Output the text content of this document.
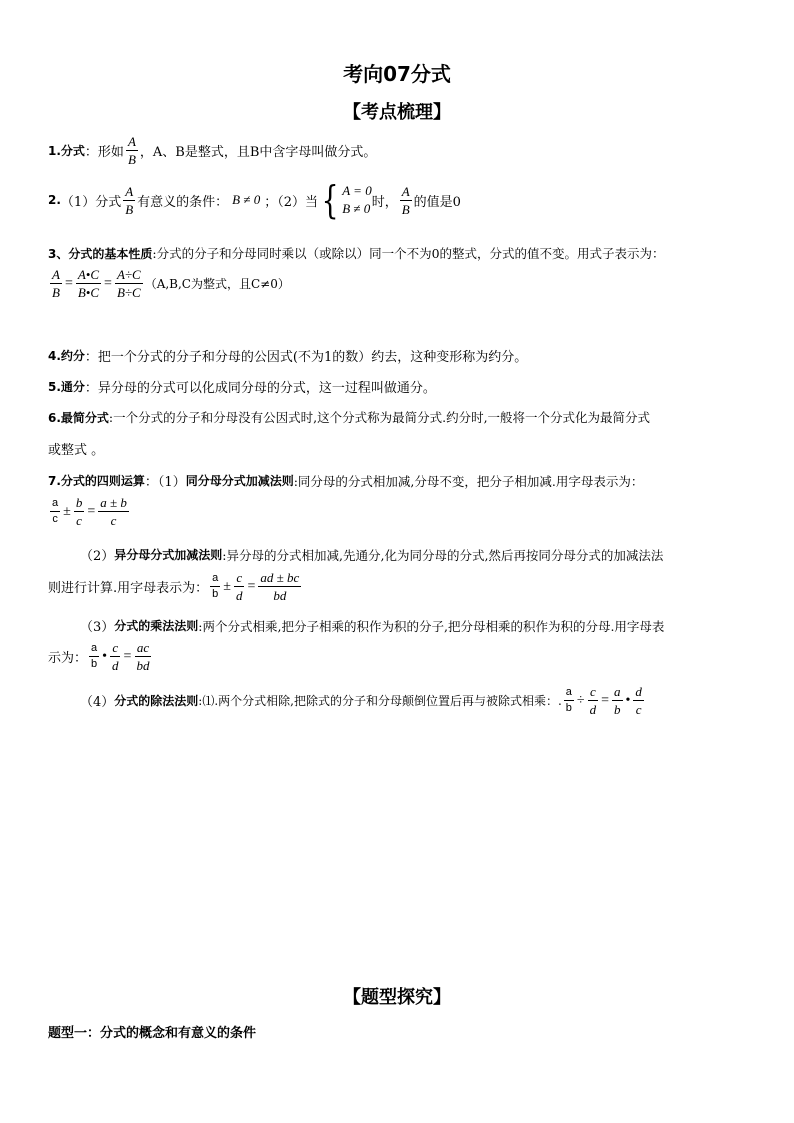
考向07分式
【考点梳理】
1.分式 ：形如 $\frac{A}{B}$ ，A、B是整式，且B中含字母叫做分式。
2. （1）分式 $\frac{A}{B}$ 有意义的条件： B ≠ 0 ；（2）当 { A = 0
B ≠ 0 时， $\frac{A}{B}$ 的值是0
3、分式的基本性质 :分式的分子和分母同时乘以（或除以）同一个不为0的整式，分式的值不变。用式子表示为：
$\frac{A}{B} = \frac{A•C}{B•C} = \frac{A\div C}{B\div C} (A,B,C$为整式，且C≠0）
4.约分 ：把一个分式的分子和分母的公因式(不为1的数）约去，这种变形称为约分。
5.通分 ：异分母的分式可以化成同分母的分式，这一过程叫做通分。
6.最简分式 :一个分式的分子和分母没有公因式时,这个分式称为最简分式.约分时,一般将一个分式化为最简分式
或整式 。
7.分式的四则运算 ：（1） 同分母分式加减法则 :同分母的分式相加减,分母不变，把分子相加减.用字母表示为：
$\frac{a}{c} \pm \frac{b}{c} = \frac{a \pm b}{c}$
（2） 异分母分式加减法则 :异分母的分式相加减,先通分,化为同分母的分式,然后再按同分母分式的加减法法
则进行计算.用字母表示为： $\frac{a}{b} \pm \frac{c}{d} = \frac{ad \pm bc}{bd}$
（3） 分式的乘法法则 :两个分式相乘,把分子相乘的积作为积的分子,把分母相乘的积作为积的分母.用字母表
示为： $\frac{a}{b}$ • $\frac{c}{d} = \frac{ac}{bd}$
（4） 分式的除法法则 :⑴.两个分式相除,把除式的分子和分母颠倒位置后再与被除式相乘：. $\frac{a}{b} \div \frac{c}{d} = \frac{a}{b}$ • $\frac{d}{c}$
【题型探究】
题型一：分式的概念和有意义的条件
